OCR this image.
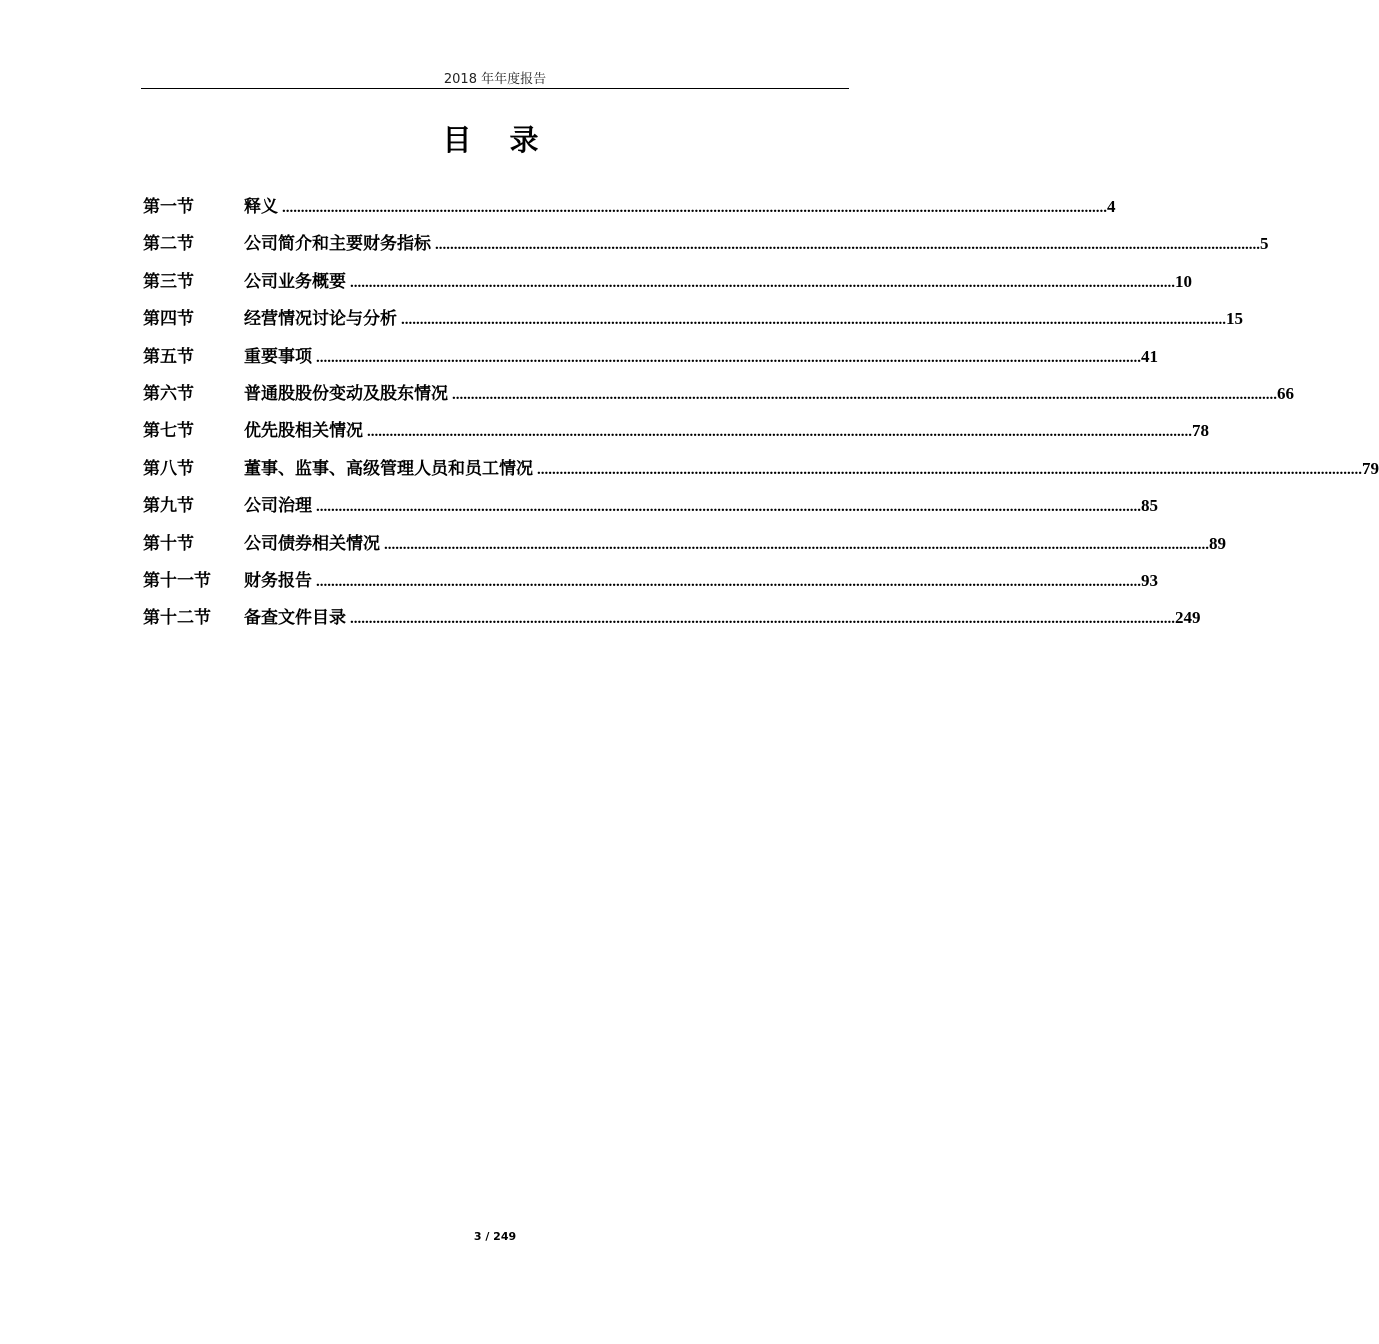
2018 年年度报告
目 录
第一节	释义 ............................................................................................................................................................................................................................ 4
第二节	公司简介和主要财务指标 ............................................................................................................................................................................................................................ 5
第三节	公司业务概要 ............................................................................................................................................................................................................................ 10
第四节	经营情况讨论与分析 ............................................................................................................................................................................................................................ 15
第五节	重要事项 ............................................................................................................................................................................................................................ 41
第六节	普通股股份变动及股东情况 ............................................................................................................................................................................................................................ 66
第七节	优先股相关情况 ............................................................................................................................................................................................................................ 78
第八节	董事、监事、高级管理人员和员工情况 ............................................................................................................................................................................................................................ 79
第九节	公司治理 ............................................................................................................................................................................................................................ 85
第十节	公司债券相关情况 ............................................................................................................................................................................................................................ 89
第十一节	财务报告 ............................................................................................................................................................................................................................ 93
第十二节	备查文件目录 ............................................................................................................................................................................................................................ 249
3 / 249
